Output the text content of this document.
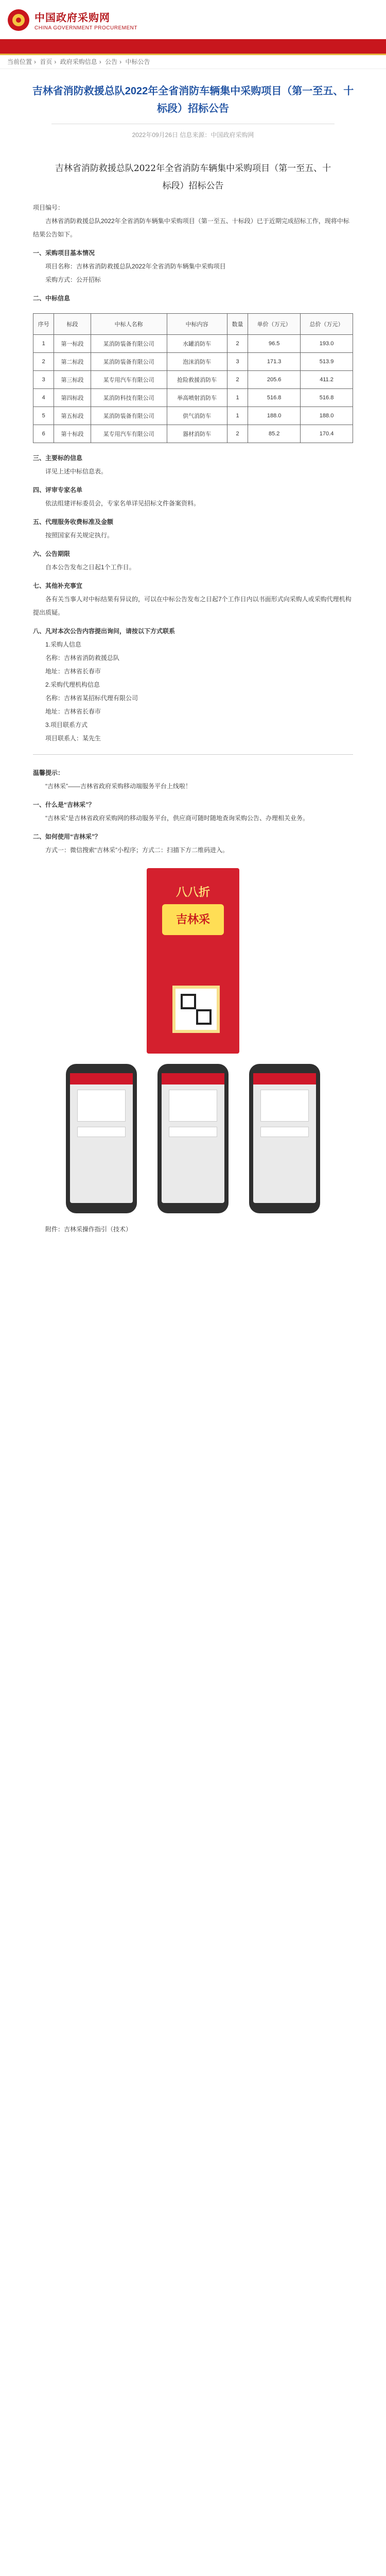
中国政府采购网
CHINA GOVERNMENT PROCUREMENT
当前位置 › 首页 › 政府采购信息 › 公告 › 中标公告
吉林省消防救援总队2022年全省消防车辆集中采购项目（第一至五、十标段）招标公告
2022年09月26日 信息来源：中国政府采购网
吉林省消防救援总队2022年全省消防车辆集中采购项目（第一至五、十标段）招标公告

项目编号：

吉林省消防救援总队2022年全省消防车辆集中采购项目（第一至五、十标段）已于近期完成招标工作，现将中标结果公告如下。

一、采购项目基本情况

项目名称：吉林省消防救援总队2022年全省消防车辆集中采购项目

采购方式：公开招标

二、中标信息

序号	标段	中标人名称	中标内容	数量	单价（万元）	总价（万元）
1	第一标段	某消防装备有限公司	水罐消防车	2	96.5	193.0
2	第二标段	某消防装备有限公司	泡沫消防车	3	171.3	513.9
3	第三标段	某专用汽车有限公司	抢险救援消防车	2	205.6	411.2
4	第四标段	某消防科技有限公司	举高喷射消防车	1	516.8	516.8
5	第五标段	某消防装备有限公司	供气消防车	1	188.0	188.0
6	第十标段	某专用汽车有限公司	器材消防车	2	85.2	170.4

三、主要标的信息

详见上述中标信息表。

四、评审专家名单

依法组建评标委员会，专家名单详见招标文件备案资料。

五、代理服务收费标准及金额

按照国家有关规定执行。

六、公告期限

自本公告发布之日起1个工作日。

七、其他补充事宜

各有关当事人对中标结果有异议的，可以在中标公告发布之日起7个工作日内以书面形式向采购人或采购代理机构提出质疑。

八、凡对本次公告内容提出询问，请按以下方式联系

1.采购人信息

名称：吉林省消防救援总队

地址：吉林省长春市

2.采购代理机构信息

名称：吉林省某招标代理有限公司

地址：吉林省长春市

3.项目联系方式

项目联系人：某先生

温馨提示：

“吉林采”——吉林省政府采购移动端服务平台上线啦！

一、什么是“吉林采”？

“吉林采”是吉林省政府采购网的移动服务平台，供应商可随时随地查询采购公告、办理相关业务。

二、如何使用“吉林采”？

方式一：微信搜索“吉林采”小程序；方式二：扫描下方二维码进入。

八八折
吉林采

附件：吉林采操作指引（技术）
